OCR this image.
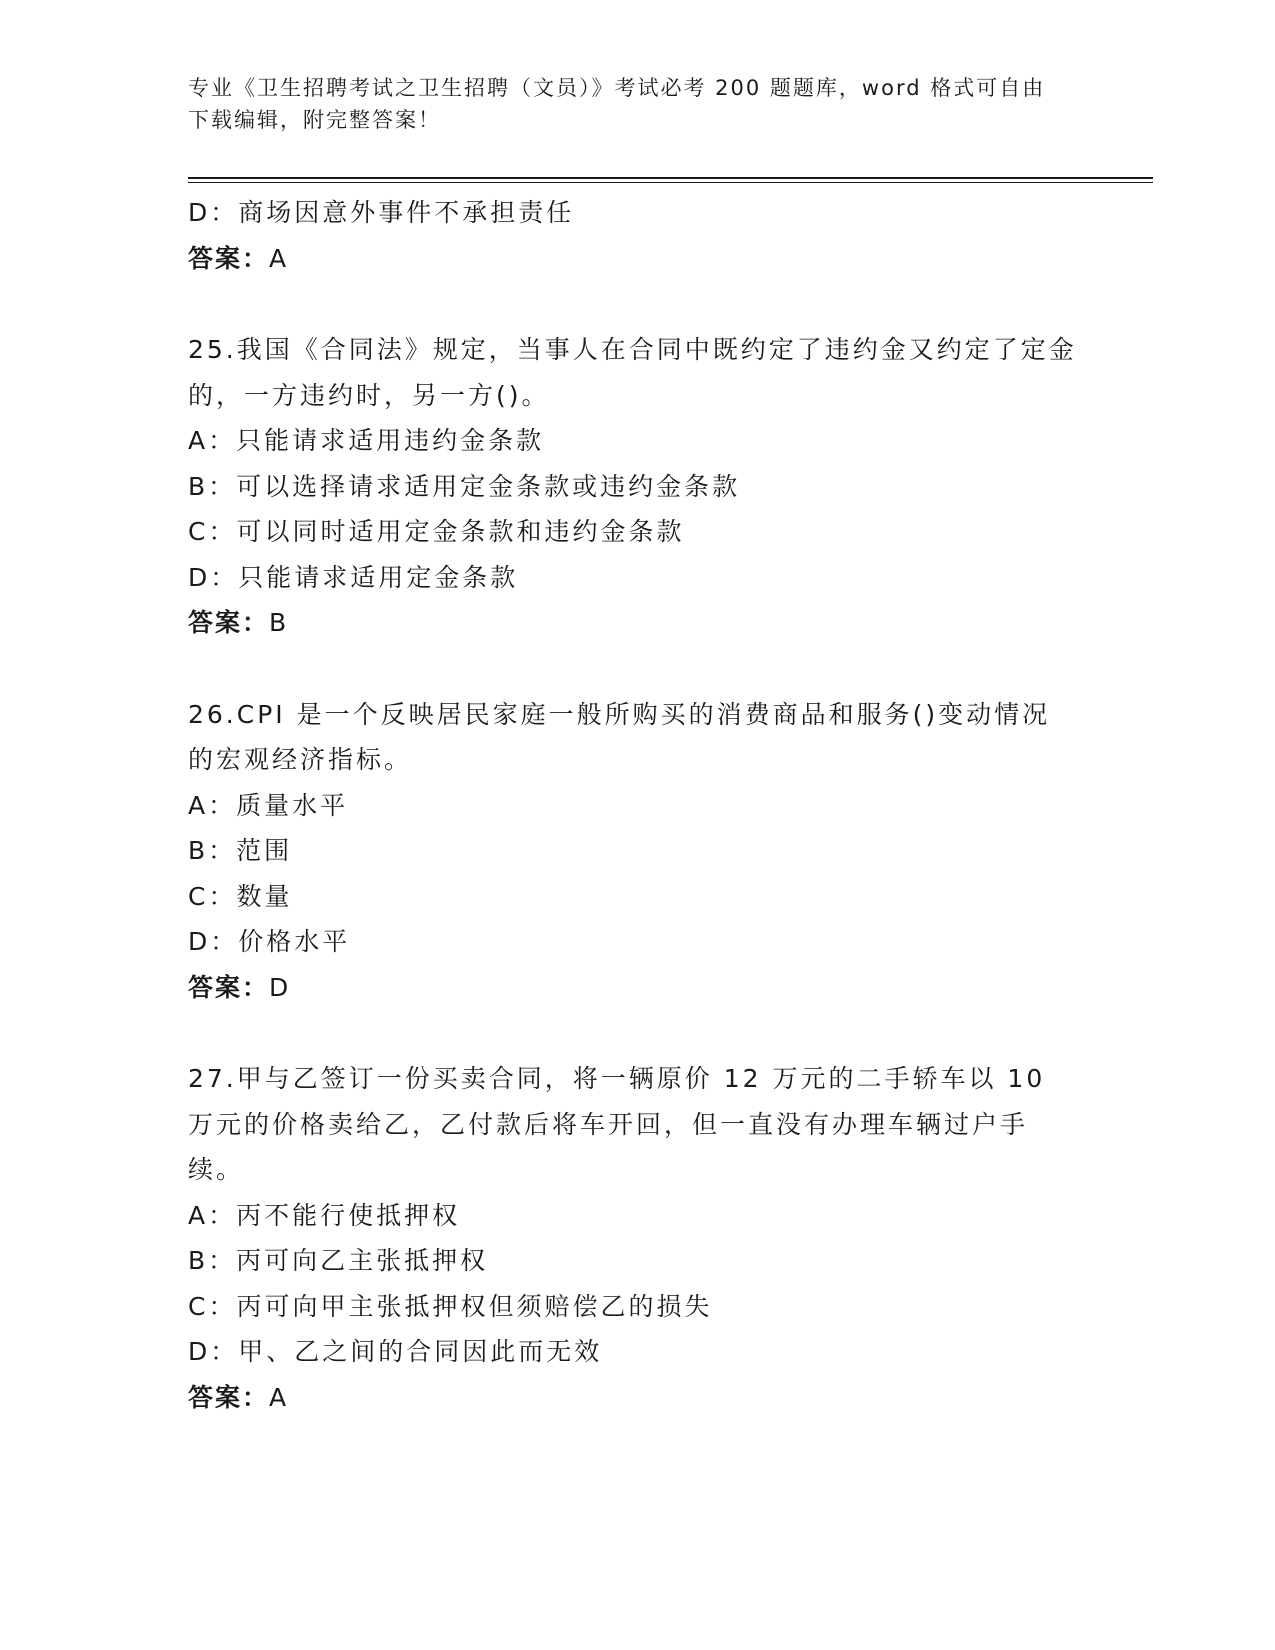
专业《卫生招聘考试之卫生招聘（文员）》考试必考 200 题题库，word 格式可自由下载编辑，附完整答案！
D：商场因意外事件不承担责任
答案：A
25.我国《合同法》规定，当事人在合同中既约定了违约金又约定了定金的，一方违约时，另一方()。
A：只能请求适用违约金条款
B：可以选择请求适用定金条款或违约金条款
C：可以同时适用定金条款和违约金条款
D：只能请求适用定金条款
答案：B
26.CPI 是一个反映居民家庭一般所购买的消费商品和服务()变动情况的宏观经济指标。
A：质量水平
B：范围
C：数量
D：价格水平
答案：D
27.甲与乙签订一份买卖合同，将一辆原价 12 万元的二手轿车以 10 万元的价格卖给乙，乙付款后将车开回，但一直没有办理车辆过户手续。
A：丙不能行使抵押权
B：丙可向乙主张抵押权
C：丙可向甲主张抵押权但须赔偿乙的损失
D：甲、乙之间的合同因此而无效
答案：A
